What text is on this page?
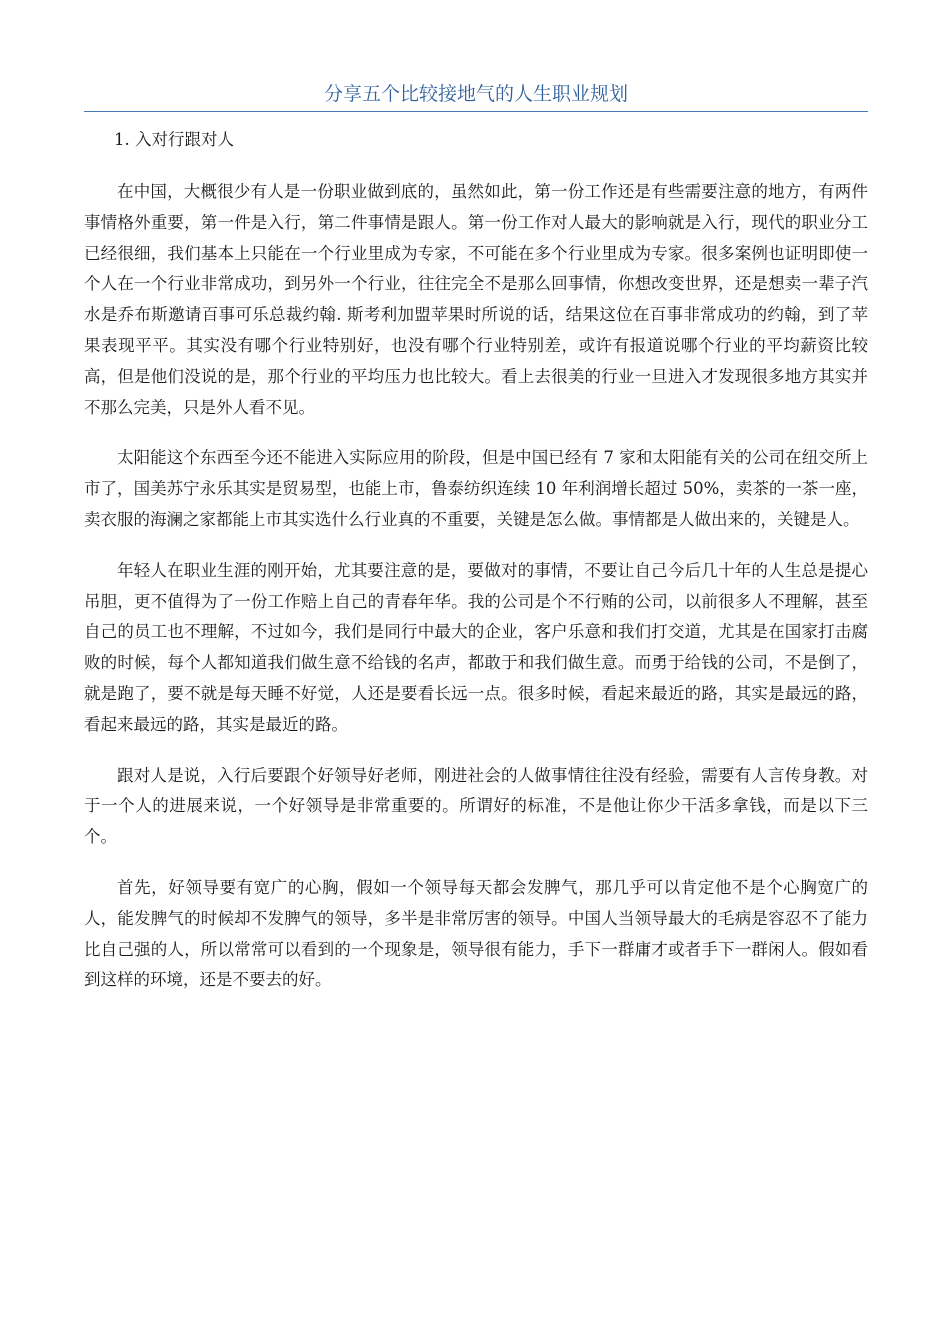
分享五个比较接地气的人生职业规划
1. 入对行跟对人

在中国，大概很少有人是一份职业做到底的，虽然如此，第一份工作还是有些需要注意的地方，有两件事情格外重要，第一件是入行，第二件事情是跟人。第一份工作对人最大的影响就是入行，现代的职业分工已经很细，我们基本上只能在一个行业里成为专家，不可能在多个行业里成为专家。很多案例也证明即使一个人在一个行业非常成功，到另外一个行业，往往完全不是那么回事情，你想改变世界，还是想卖一辈子汽水是乔布斯邀请百事可乐总裁约翰. 斯考利加盟苹果时所说的话，结果这位在百事非常成功的约翰，到了苹果表现平平。其实没有哪个行业特别好，也没有哪个行业特别差，或许有报道说哪个行业的平均薪资比较高，但是他们没说的是，那个行业的平均压力也比较大。看上去很美的行业一旦进入才发现很多地方其实并不那么完美，只是外人看不见。

太阳能这个东西至今还不能进入实际应用的阶段，但是中国已经有 7 家和太阳能有关的公司在纽交所上市了，国美苏宁永乐其实是贸易型，也能上市，鲁泰纺织连续 10 年利润增长超过 50%，卖茶的一茶一座，卖衣服的海澜之家都能上市其实选什么行业真的不重要，关键是怎么做。事情都是人做出来的，关键是人。

年轻人在职业生涯的刚开始，尤其要注意的是，要做对的事情，不要让自己今后几十年的人生总是提心吊胆，更不值得为了一份工作赔上自己的青春年华。我的公司是个不行贿的公司，以前很多人不理解，甚至自己的员工也不理解，不过如今，我们是同行中最大的企业，客户乐意和我们打交道，尤其是在国家打击腐败的时候，每个人都知道我们做生意不给钱的名声，都敢于和我们做生意。而勇于给钱的公司，不是倒了，就是跑了，要不就是每天睡不好觉，人还是要看长远一点。很多时候，看起来最近的路，其实是最远的路，看起来最远的路，其实是最近的路。

跟对人是说，入行后要跟个好领导好老师，刚进社会的人做事情往往没有经验，需要有人言传身教。对于一个人的进展来说，一个好领导是非常重要的。所谓好的标准，不是他让你少干活多拿钱，而是以下三个。

首先，好领导要有宽广的心胸，假如一个领导每天都会发脾气，那几乎可以肯定他不是个心胸宽广的人，能发脾气的时候却不发脾气的领导，多半是非常厉害的领导。中国人当领导最大的毛病是容忍不了能力比自己强的人，所以常常可以看到的一个现象是，领导很有能力，手下一群庸才或者手下一群闲人。假如看到这样的环境，还是不要去的好。
